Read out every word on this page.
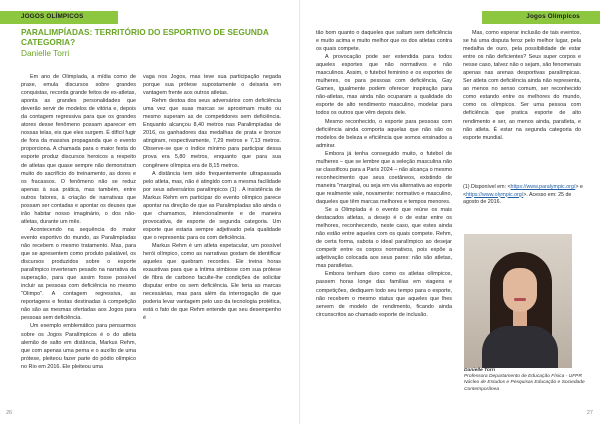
JOGOS OLÍMPICOS
PARALIMPÍADAS: TERRITÓRIO DO ESPORTIVO DE SEGUNDA CATEGORIA?
Danielle Torri

Em ano de Olimpíada, a mídia como de praxe, emula discursos sobre grandes conquistas, recorda grande feitos de ex-atletas, aponta as grandes personalidades que deverão servir de modelos de vitória e, depois da contagem regressiva para que os grandes atores desse fenômeno possam aparecer em nossas telas, eis que eles surgem. É difícil fugir de fora da massiva propaganda que o evento proporciona. A chamada para o maior festa do esporte produz discursos heroicos a respeito de atletas que quase sempre não demonstram muito do sacrifício do treinamento, as dores e os fracassos. O fenômeno não se reduz apenas à sua prática, mas também, entre outros fatores, à criação de narrativas que possam ser contadas e apontar os deuses que irão habitar nosso imaginário, o dos não-atletas, durante um mês.

Acontecendo na sequência do maior evento esportivo do mundo, as Paralimpíadas não recebem o mesmo tratamento. Mas, para que se apresentem como produto palatável, os discursos produzidos sobre o esporte paralímpico inverteram pesado na narrativa da superação, para que assim fosse possível incluir as pessoas com deficiência no mesmo "Olimpo". A contagem regressiva, as reportagens e festas destinadas à competição não são as mesmas ofertadas aos Jogos para pessoas sem deficiência.

Um exemplo emblemático para pensarmos sobre os Jogos Paralímpicos é o do atleta alemão de salto em distância, Markus Rehm, que com apenas uma perna e o auxílio de uma prótese, pleiteou fazer parte do pódio olímpico no Rio em 2016. Ele pleiteou uma

vaga nos Jogos, mas teve sua participação negada porque sua prótese supostamente o deixaria em vantagem frente aos outros atletas.

Rehm destoa dos seus adversários com deficiência uma vez que suas marcas se aproximam muito ou mesmo superam as de competidores sem deficiência. Enquanto alcançou 8,40 metros nas Paralimpíadas de 2016, os ganhadores das medalhas de prata e bronze atingiram, respectivamente, 7,29 metros e 7,13 metros. Observe-se que o índice mínimo para participar dessa prova era 5,80 metros, enquanto que para sua congênere olímpica era de 8,15 metros.

A distância tem sido frequentemente ultrapassada pelo atleta, mas, não é atingido com a mesma facilidade por seus adversários paralímpicos (1) . A insistência de Markus Rehm em participar do evento olímpico parece apontar na direção de que as Paralimpíadas são ainda o que chamamos, intencionalmente e de maneira provocativa, de esporte de segunda categoria. Um esporte que estaria sempre adjetivado pela qualidade que o representa: para os com deficiência.

Markus Rehm é um atleta espetacular, um possível herói olímpico, como as narrativas gostam de identificar aqueles que quebram recordes. Ele treina horas exaustivas para que a íntima simbiose com sua prótese de fibra de carbono faculte-lhe condições de solicitar disputar entre os sem deficiência. Ele teria as marcas necessárias, mas para além da interrogação de que poderia levar vantagem pelo uso da tecnologia protética, está o fato de que Rehm entende que seu desempenho é

26
Jogos Olímpicos

tão bom quanto o daqueles que saltam sem deficiência e muito acima e muito melhor que os dos atletas contra os quais compete.

A provocação pode ser estendida para todos aqueles esportes que não normativos e não masculinos. Assim, o futebol feminino e os esportes de mulheres, os para pessoas com deficiência, Gay Games, igualmente podem oferecer inspiração para não-atletas, mas ainda não ocuparam a qualidade do esporte de alto rendimento masculino, modelar para todos os outros que vêm depois dele.

Mesmo reconhecido, o esporte para pessoas com deficiência ainda comporta aquelas que não são os modelos de beleza e eficiência que somos ensinados a admirar.

Embora já tenha conseguido muito, o futebol de mulheres – que se lembre que a seleção masculina não se classificou para a Paris 2024 – não alcança o mesmo reconhecimento que seus coetâneos, existindo de maneira "marginal, ou seja em via alternativa ao esporte que realmente vale, novamente: normativo e masculino, daqueles que têm marcas melhores e tempos menores.

Se a Olimpíada é o evento que reúne os mais destacados atletas, a desejo é o de estar entre os melhores, reconhecendo, neste caso, que estes ainda não estão entre aqueles com os quais compete. Rehm, de certa forma, sabota o ideal paralímpico ao desejar competir entre os corpos normativos, pois expõe a adjetivação colocada aos seus pares: não são atletas, mas paratletas.

Embora tenham duro como os atletas olímpicos, passem horas longe das famílias em viagens e competições, dediquem todo seu tempo para o esporte, não recebem o mesmo status que aqueles que lhes servem de modelo de rendimento, ficando ainda circunscritos ao chamado esporte de inclusão.

Mas, como esperar inclusão de tais eventos, se há uma disputa feroz pelo melhor lugar, pela medalha de ouro, pela possibilidade de estar entre os não deficientes? Seus super corpos e nesse caso, talvez não o sejam, são fenomenais apenas nas arenas desportivas paralímpicas. Ser atleta com deficiência ainda não representa, ao menos no senso comum, ser reconhecido como estando entre os melhores do mundo, como os olímpicos. Ser uma pessoa com deficiência que pratica esporte de alto rendimento e ser, ao menos ainda, paratleta, e não atleta. É estar na segunda categoria do esporte mundial.

(1) Disponível em: <https://www.paralympic.org/> e <https://www.olympic.org/>. Acesso em: 25 de agosto de 2016.
Danielle Torri
Professora Departamento de Educação Física - UFPR
Núcleo de Estudos e Pesquisas Educação e Sociedade Contemporânea
27
